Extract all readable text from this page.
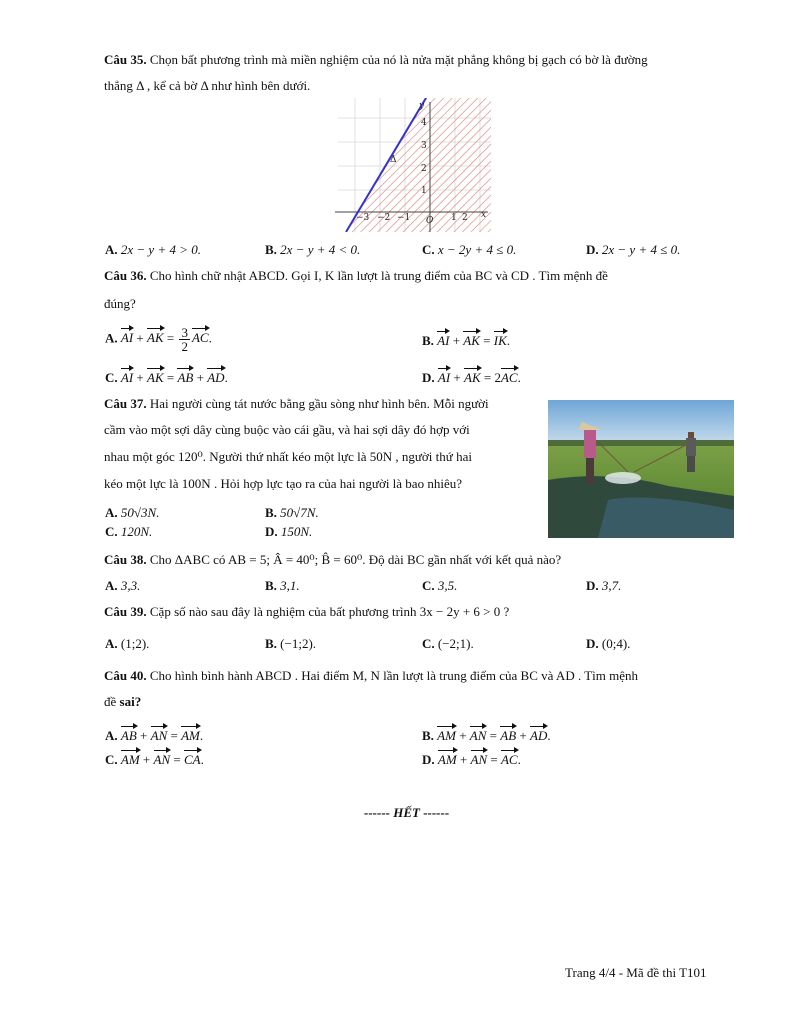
Câu 35. Chọn bất phương trình mà miền nghiệm của nó là nửa mặt phẳng không bị gạch có bờ là đường
thẳng Δ , kể cả bờ Δ như hình bên dưới.
y
x
Δ
O
−3 −2 −1	1 2
4
3
2
1
A. 2x − y + 4 > 0.	B. 2x − y + 4 < 0.	C. x − 2y + 4 ≤ 0.	D. 2x − y + 4 ≤ 0.
Câu 36. Cho hình chữ nhật ABCD. Gọi I, K lần lượt là trung điểm của BC và CD . Tìm mệnh đề
đúng?
A. AI + AK = $\frac{3}{2}$ AC.	B. AI + AK = IK.
C. AI + AK = AB + AD.	D. AI + AK = 2AC.
Câu 37. Hai người cùng tát nước bằng gầu sòng như hình bên. Mỗi người
cầm vào một sợi dây cùng buộc vào cái gầu, và hai sợi dây đó hợp với
nhau một góc 120⁰. Người thứ nhất kéo một lực là 50N , người thứ hai
kéo một lực là 100N . Hỏi hợp lực tạo ra của hai người là bao nhiêu?
A. 50√3N.	B. 50√7N.
C. 120N.	D. 150N.
Câu 38. Cho ΔABC có AB = 5; Â = 40⁰; B̂ = 60⁰. Độ dài BC gần nhất với kết quả nào?
A. 3,3.	B. 3,1.	C. 3,5.	D. 3,7.
Câu 39. Cặp số nào sau đây là nghiệm của bất phương trình 3x − 2y + 6 > 0 ?
A. (1;2).	B. (−1;2).	C. (−2;1).	D. (0;4).
Câu 40. Cho hình bình hành ABCD . Hai điểm M, N lần lượt là trung điểm của BC và AD . Tìm mệnh
đề sai?
A. AB + AN = AM.	B. AM + AN = AB + AD.
C. AM + AN = CA.	D. AM + AN = AC.
------ HẾT ------
Trang 4/4 - Mã đề thi T101
